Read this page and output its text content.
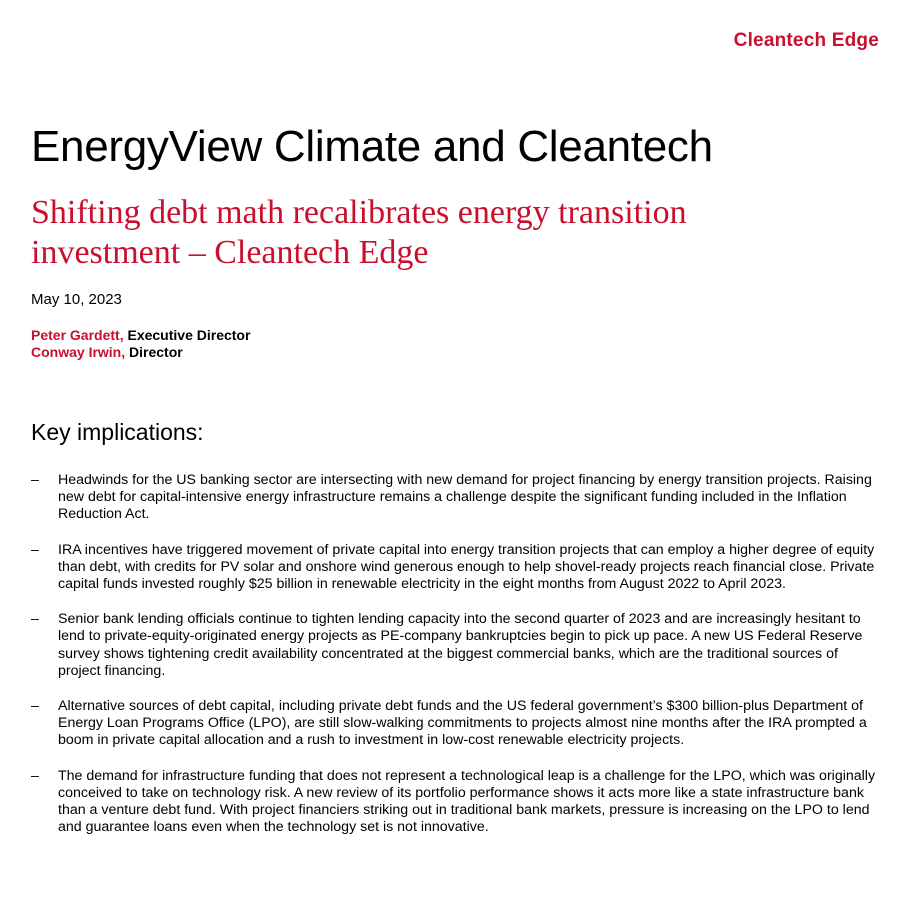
Cleantech Edge
EnergyView Climate and Cleantech
Shifting debt math recalibrates energy transition investment – Cleantech Edge
May 10, 2023
Peter Gardett, Executive Director
Conway Irwin, Director
Key implications:
–	Headwinds for the US banking sector are intersecting with new demand for project financing by energy transition projects. Raising new debt for capital-intensive energy infrastructure remains a challenge despite the significant funding included in the Inflation Reduction Act.
–	IRA incentives have triggered movement of private capital into energy transition projects that can employ a higher degree of equity than debt, with credits for PV solar and onshore wind generous enough to help shovel-ready projects reach financial close. Private capital funds invested roughly $25 billion in renewable electricity in the eight months from August 2022 to April 2023.
–	Senior bank lending officials continue to tighten lending capacity into the second quarter of 2023 and are increasingly hesitant to lend to private-equity-originated energy projects as PE-company bankruptcies begin to pick up pace. A new US Federal Reserve survey shows tightening credit availability concentrated at the biggest commercial banks, which are the traditional sources of project financing.
–	Alternative sources of debt capital, including private debt funds and the US federal government’s $300 billion-plus Department of Energy Loan Programs Office (LPO), are still slow-walking commitments to projects almost nine months after the IRA prompted a boom in private capital allocation and a rush to investment in low-cost renewable electricity projects.
–	The demand for infrastructure funding that does not represent a technological leap is a challenge for the LPO, which was originally conceived to take on technology risk. A new review of its portfolio performance shows it acts more like a state infrastructure bank than a venture debt fund. With project financiers striking out in traditional bank markets, pressure is increasing on the LPO to lend and guarantee loans even when the technology set is not innovative.
